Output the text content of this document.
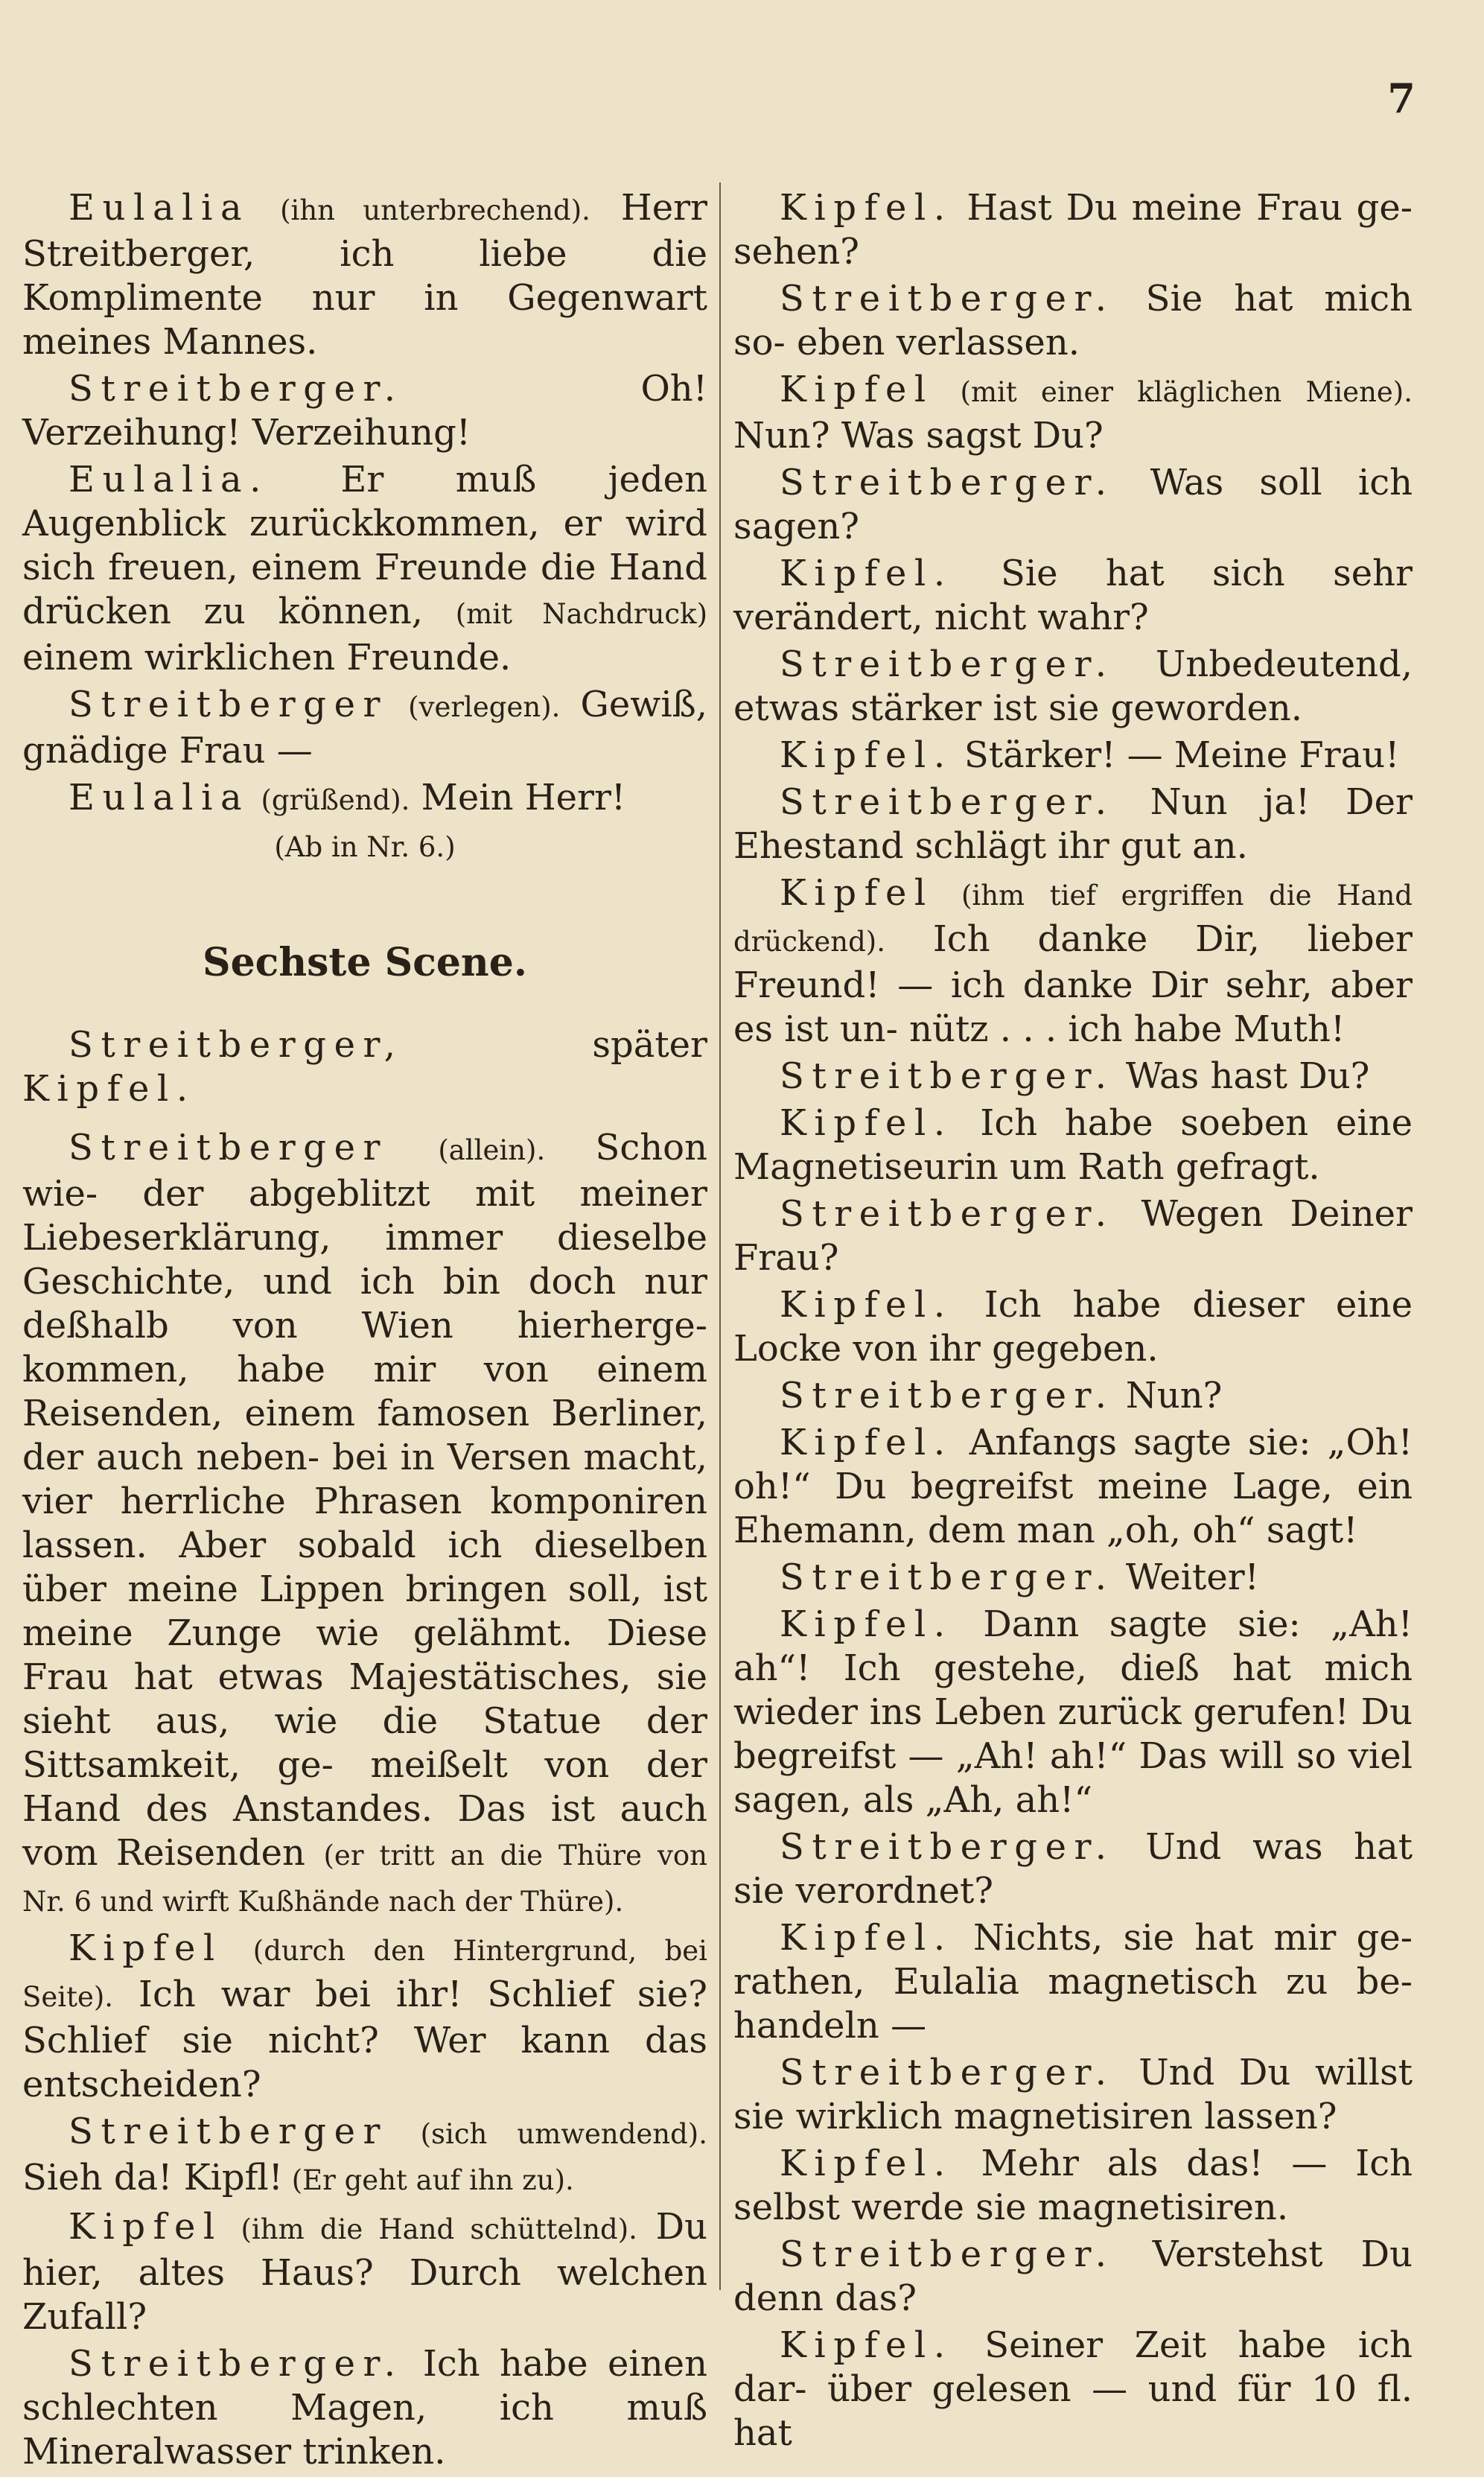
7

Eulalia (ihn unterbrechend). Herr Streitberger, ich liebe die Komplimente nur in Gegenwart meines Mannes.

Streitberger. Oh! Verzeihung! Verzeihung!

Eulalia. Er muß jeden Augenblick zurückkommen, er wird sich freuen, einem Freunde die Hand drücken zu können, (mit Nachdruck) einem wirklichen Freunde.

Streitberger (verlegen). Gewiß, gnädige Frau —

Eulalia (grüßend). Mein Herr!

(Ab in Nr. 6.)

Sechste Scene.

Streitberger, später Kipfel.

Streitberger (allein). Schon wie- der abgeblitzt mit meiner Liebeserklärung, immer dieselbe Geschichte, und ich bin doch nur deßhalb von Wien hierherge- kommen, habe mir von einem Reisenden, einem famosen Berliner, der auch neben- bei in Versen macht, vier herrliche Phrasen komponiren lassen. Aber sobald ich dieselben über meine Lippen bringen soll, ist meine Zunge wie gelähmt. Diese Frau hat etwas Majestätisches, sie sieht aus, wie die Statue der Sittsamkeit, ge- meißelt von der Hand des Anstandes. Das ist auch vom Reisenden (er tritt an die Thüre von Nr. 6 und wirft Kußhände nach der Thüre).

Kipfel (durch den Hintergrund, bei Seite). Ich war bei ihr! Schlief sie? Schlief sie nicht? Wer kann das entscheiden?

Streitberger (sich umwendend). Sieh da! Kipfl! (Er geht auf ihn zu).

Kipfel (ihm die Hand schüttelnd). Du hier, altes Haus? Durch welchen Zufall?

Streitberger. Ich habe einen schlechten Magen, ich muß Mineralwasser trinken.

Kipfel. Hast Du meine Frau ge- sehen?

Streitberger. Sie hat mich so- eben verlassen.

Kipfel (mit einer kläglichen Miene). Nun? Was sagst Du?

Streitberger. Was soll ich sagen?

Kipfel. Sie hat sich sehr verändert, nicht wahr?

Streitberger. Unbedeutend, etwas stärker ist sie geworden.

Kipfel. Stärker! — Meine Frau!

Streitberger. Nun ja! Der Ehestand schlägt ihr gut an.

Kipfel (ihm tief ergriffen die Hand drückend). Ich danke Dir, lieber Freund! — ich danke Dir sehr, aber es ist un- nütz . . . ich habe Muth!

Streitberger. Was hast Du?

Kipfel. Ich habe soeben eine Magnetiseurin um Rath gefragt.

Streitberger. Wegen Deiner Frau?

Kipfel. Ich habe dieser eine Locke von ihr gegeben.

Streitberger. Nun?

Kipfel. Anfangs sagte sie: „Oh! oh!“ Du begreifst meine Lage, ein Ehemann, dem man „oh, oh“ sagt!

Streitberger. Weiter!

Kipfel. Dann sagte sie: „Ah! ah“! Ich gestehe, dieß hat mich wieder ins Leben zurück gerufen! Du begreifst — „Ah! ah!“ Das will so viel sagen, als „Ah, ah!“

Streitberger. Und was hat sie verordnet?

Kipfel. Nichts, sie hat mir ge- rathen, Eulalia magnetisch zu be- handeln —

Streitberger. Und Du willst sie wirklich magnetisiren lassen?

Kipfel. Mehr als das! — Ich selbst werde sie magnetisiren.

Streitberger. Verstehst Du denn das?

Kipfel. Seiner Zeit habe ich dar- über gelesen — und für 10 fl. hat
